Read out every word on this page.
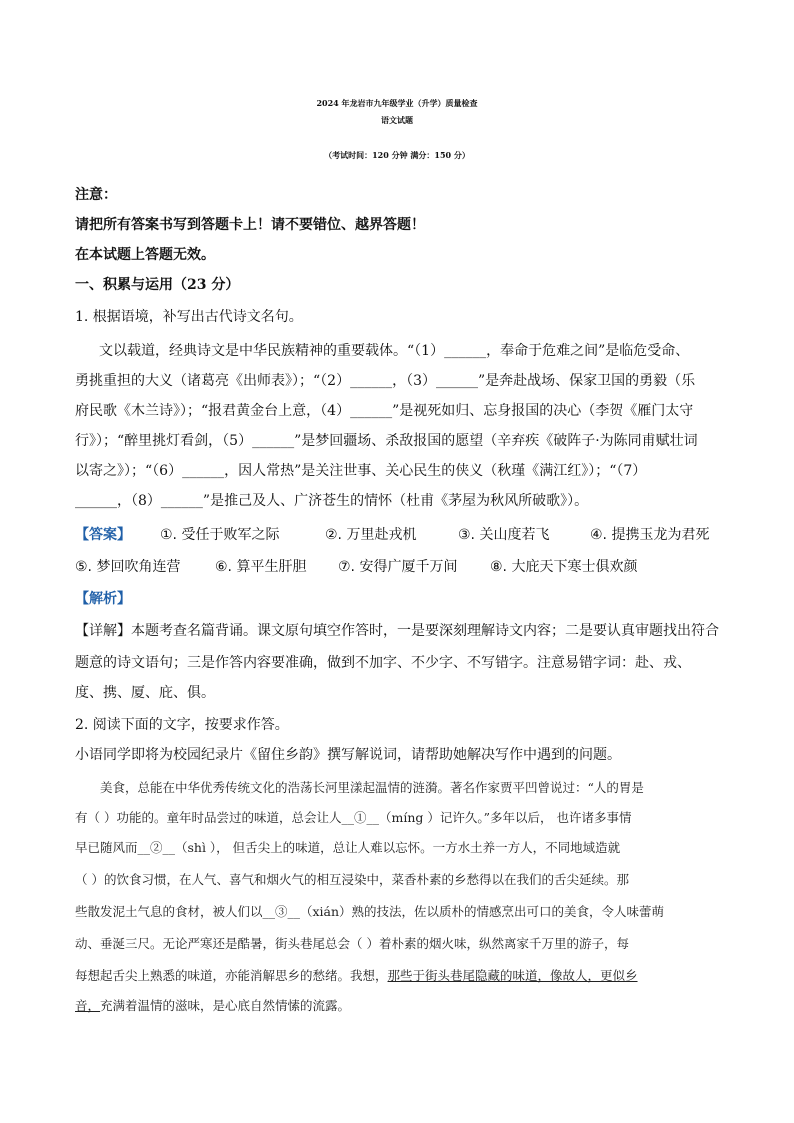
2024 年龙岩市九年级学业（升学）质量检查
语文试题
（考试时间：120 分钟 满分：150 分）
注意：
请把所有答案书写到答题卡上！请不要错位、越界答题！
在本试题上答题无效。
一、积累与运用（23 分）
1. 根据语境，补写出古代诗文名句。
文以载道，经典诗文是中华民族精神的重要载体。“（1）______，奉命于危难之间”是临危受命、
勇挑重担的大义（诸葛亮《出师表》）；“（2）______，（3）______”是奔赴战场、保家卫国的勇毅（乐
府民歌《木兰诗》）；“报君黄金台上意，（4）______”是视死如归、忘身报国的决心（李贺《雁门太守
行》）；“醉里挑灯看剑，（5）______”是梦回疆场、杀敌报国的愿望（辛弃疾《破阵子·为陈同甫赋壮词
以寄之》）；“（6）______，因人常热”是关注世事、关心民生的侠义（秋瑾《满江红》）；“（7）
______，（8）______”是推己及人、广济苍生的情怀（杜甫《茅屋为秋风所破歌》）。
【答案】 ①. 受任于败军之际	②. 万里赴戎机	③. 关山度若飞	④. 提携玉龙为君死
⑤. 梦回吹角连营 ⑥. 算平生肝胆 ⑦. 安得广厦千万间 ⑧. 大庇天下寒士俱欢颜
【解析】
【详解】本题考查名篇背诵。课文原句填空作答时，一是要深刻理解诗文内容；二是要认真审题找出符合
题意的诗文语句；三是作答内容要准确，做到不加字、不少字、不写错字。注意易错字词：赴、戎、
度、携、厦、庇、俱。
2. 阅读下面的文字，按要求作答。
小语同学即将为校园纪录片《留住乡韵》撰写解说词，请帮助她解决写作中遇到的问题。
美食，总能在中华优秀传统文化的浩荡长河里漾起温情的涟漪。著名作家贾平凹曾说过：“人的胃是
有（ ）功能的。童年时品尝过的味道，总会让人__①__（míng ）记许久。”多年以后， 也许诸多事情
早已随风而__②__（shì ）， 但舌尖上的味道，总让人难以忘怀。一方水土养一方人，不同地域造就
（ ）的饮食习惯，在人气、喜气和烟火气的相互浸染中，菜香朴素的乡愁得以在我们的舌尖延续。那
些散发泥土气息的食材，被人们以__③__（xián）熟的技法，佐以质朴的情感烹出可口的美食，令人味蕾萌
动、垂涎三尺。无论严寒还是酷暑，街头巷尾总会（ ）着朴素的烟火味，纵然离家千万里的游子，每
每想起舌尖上熟悉的味道，亦能消解思乡的愁绪。我想，那些于街头巷尾隐藏的味道，像故人，更似乡
音，充满着温情的滋味，是心底自然情愫的流露。
